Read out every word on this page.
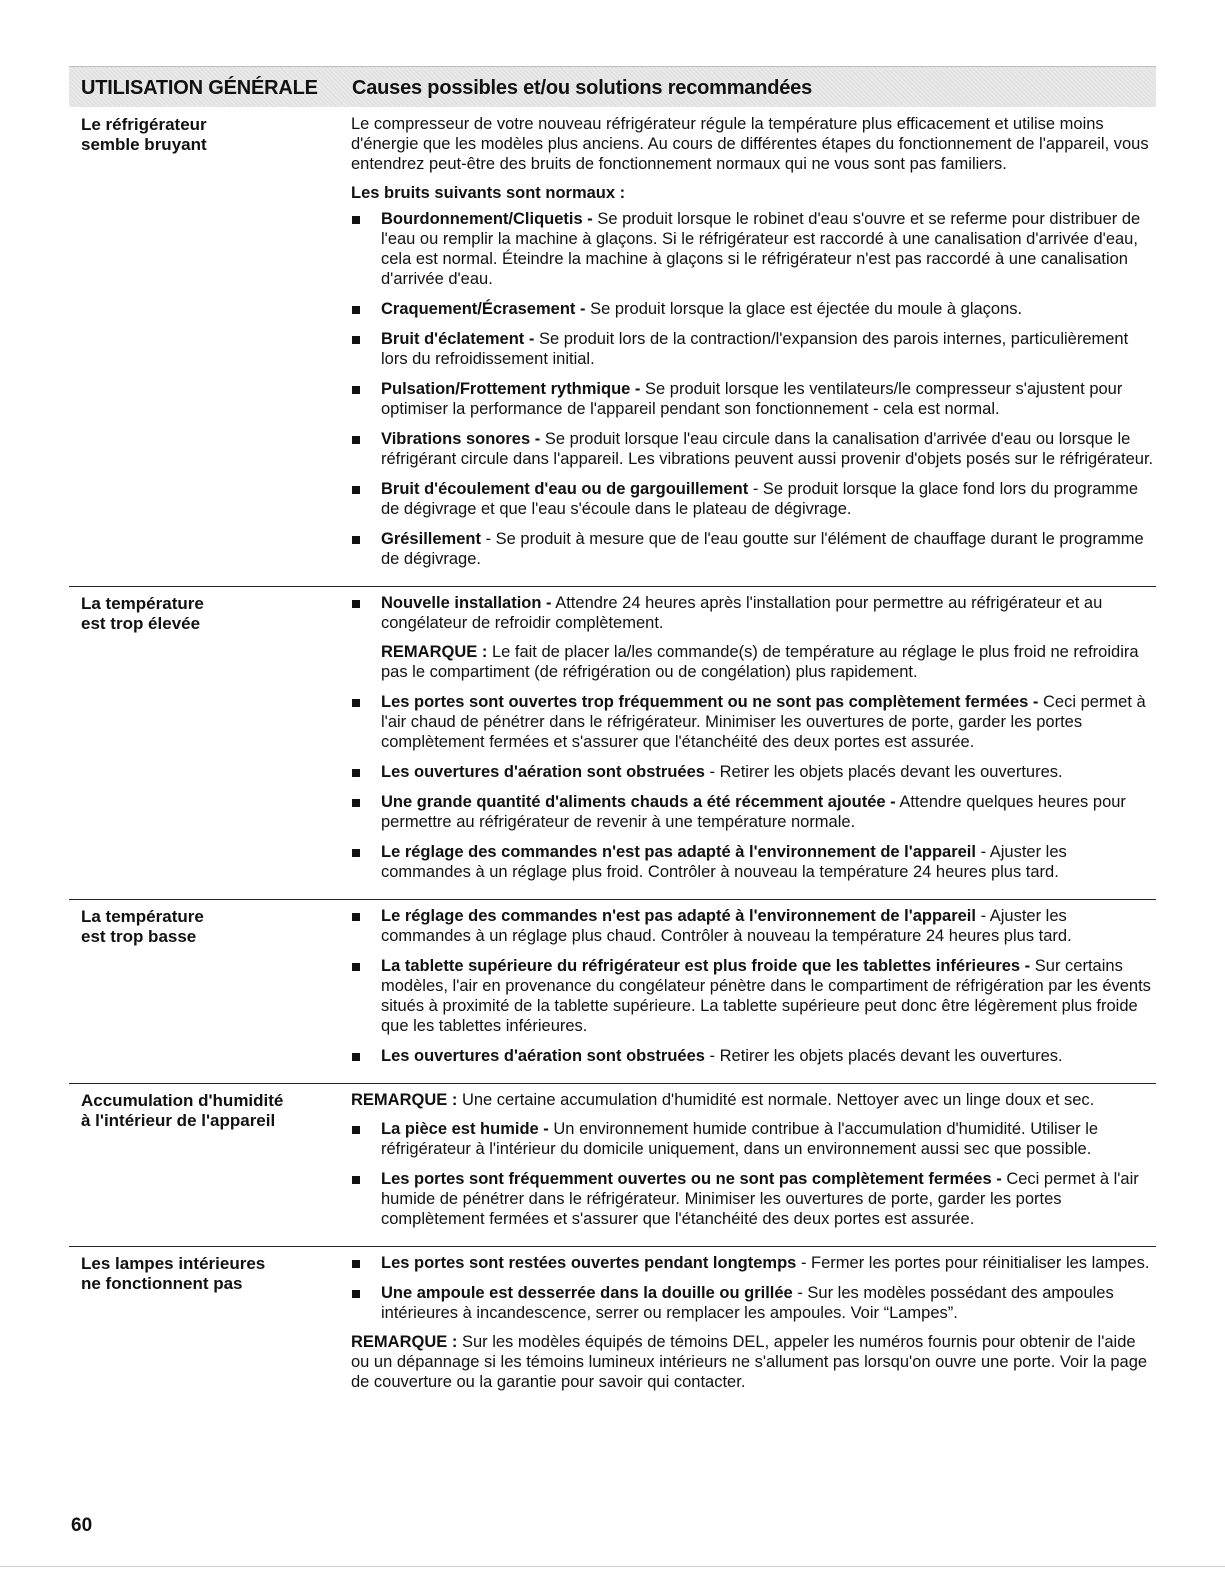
UTILISATION GÉNÉRALE Causes possibles et/ou solutions recommandées
Le réfrigérateur
semble bruyant

Le compresseur de votre nouveau réfrigérateur régule la température plus efficacement et utilise moins d'énergie que les modèles plus anciens. Au cours de différentes étapes du fonctionnement de l'appareil, vous entendrez peut-être des bruits de fonctionnement normaux qui ne vous sont pas familiers.

Les bruits suivants sont normaux :

Bourdonnement/Cliquetis - Se produit lorsque le robinet d'eau s'ouvre et se referme pour distribuer de l'eau ou remplir la machine à glaçons. Si le réfrigérateur est raccordé à une canalisation d'arrivée d'eau, cela est normal. Éteindre la machine à glaçons si le réfrigérateur n'est pas raccordé à une canalisation d'arrivée d'eau.
Craquement/Écrasement - Se produit lorsque la glace est éjectée du moule à glaçons.
Bruit d'éclatement - Se produit lors de la contraction/l'expansion des parois internes, particulièrement lors du refroidissement initial.
Pulsation/Frottement rythmique - Se produit lorsque les ventilateurs/le compresseur s'ajustent pour optimiser la performance de l'appareil pendant son fonctionnement - cela est normal.
Vibrations sonores - Se produit lorsque l'eau circule dans la canalisation d'arrivée d'eau ou lorsque le réfrigérant circule dans l'appareil. Les vibrations peuvent aussi provenir d'objets posés sur le réfrigérateur.
Bruit d'écoulement d'eau ou de gargouillement - Se produit lorsque la glace fond lors du programme de dégivrage et que l'eau s'écoule dans le plateau de dégivrage.
Grésillement - Se produit à mesure que de l'eau goutte sur l'élément de chauffage durant le programme de dégivrage.
La température
est trop élevée
Nouvelle installation - Attendre 24 heures après l'installation pour permettre au réfrigérateur et au congélateur de refroidir complètement.

REMARQUE : Le fait de placer la/les commande(s) de température au réglage le plus froid ne refroidira pas le compartiment (de réfrigération ou de congélation) plus rapidement.

Les portes sont ouvertes trop fréquemment ou ne sont pas complètement fermées - Ceci permet à l'air chaud de pénétrer dans le réfrigérateur. Minimiser les ouvertures de porte, garder les portes complètement fermées et s'assurer que l'étanchéité des deux portes est assurée.
Les ouvertures d'aération sont obstruées - Retirer les objets placés devant les ouvertures.
Une grande quantité d'aliments chauds a été récemment ajoutée - Attendre quelques heures pour permettre au réfrigérateur de revenir à une température normale.
Le réglage des commandes n'est pas adapté à l'environnement de l'appareil - Ajuster les commandes à un réglage plus froid. Contrôler à nouveau la température 24 heures plus tard.
La température
est trop basse
Le réglage des commandes n'est pas adapté à l'environnement de l'appareil - Ajuster les commandes à un réglage plus chaud. Contrôler à nouveau la température 24 heures plus tard.
La tablette supérieure du réfrigérateur est plus froide que les tablettes inférieures - Sur certains modèles, l'air en provenance du congélateur pénètre dans le compartiment de réfrigération par les évents situés à proximité de la tablette supérieure. La tablette supérieure peut donc être légèrement plus froide que les tablettes inférieures.
Les ouvertures d'aération sont obstruées - Retirer les objets placés devant les ouvertures.
Accumulation d'humidité
à l'intérieur de l'appareil

REMARQUE : Une certaine accumulation d'humidité est normale. Nettoyer avec un linge doux et sec.

La pièce est humide - Un environnement humide contribue à l'accumulation d'humidité. Utiliser le réfrigérateur à l'intérieur du domicile uniquement, dans un environnement aussi sec que possible.
Les portes sont fréquemment ouvertes ou ne sont pas complètement fermées - Ceci permet à l'air humide de pénétrer dans le réfrigérateur. Minimiser les ouvertures de porte, garder les portes complètement fermées et s'assurer que l'étanchéité des deux portes est assurée.
Les lampes intérieures
ne fonctionnent pas
Les portes sont restées ouvertes pendant longtemps - Fermer les portes pour réinitialiser les lampes.
Une ampoule est desserrée dans la douille ou grillée - Sur les modèles possédant des ampoules intérieures à incandescence, serrer ou remplacer les ampoules. Voir “Lampes”.

REMARQUE : Sur les modèles équipés de témoins DEL, appeler les numéros fournis pour obtenir de l'aide ou un dépannage si les témoins lumineux intérieurs ne s'allument pas lorsqu'on ouvre une porte. Voir la page de couverture ou la garantie pour savoir qui contacter.

60
